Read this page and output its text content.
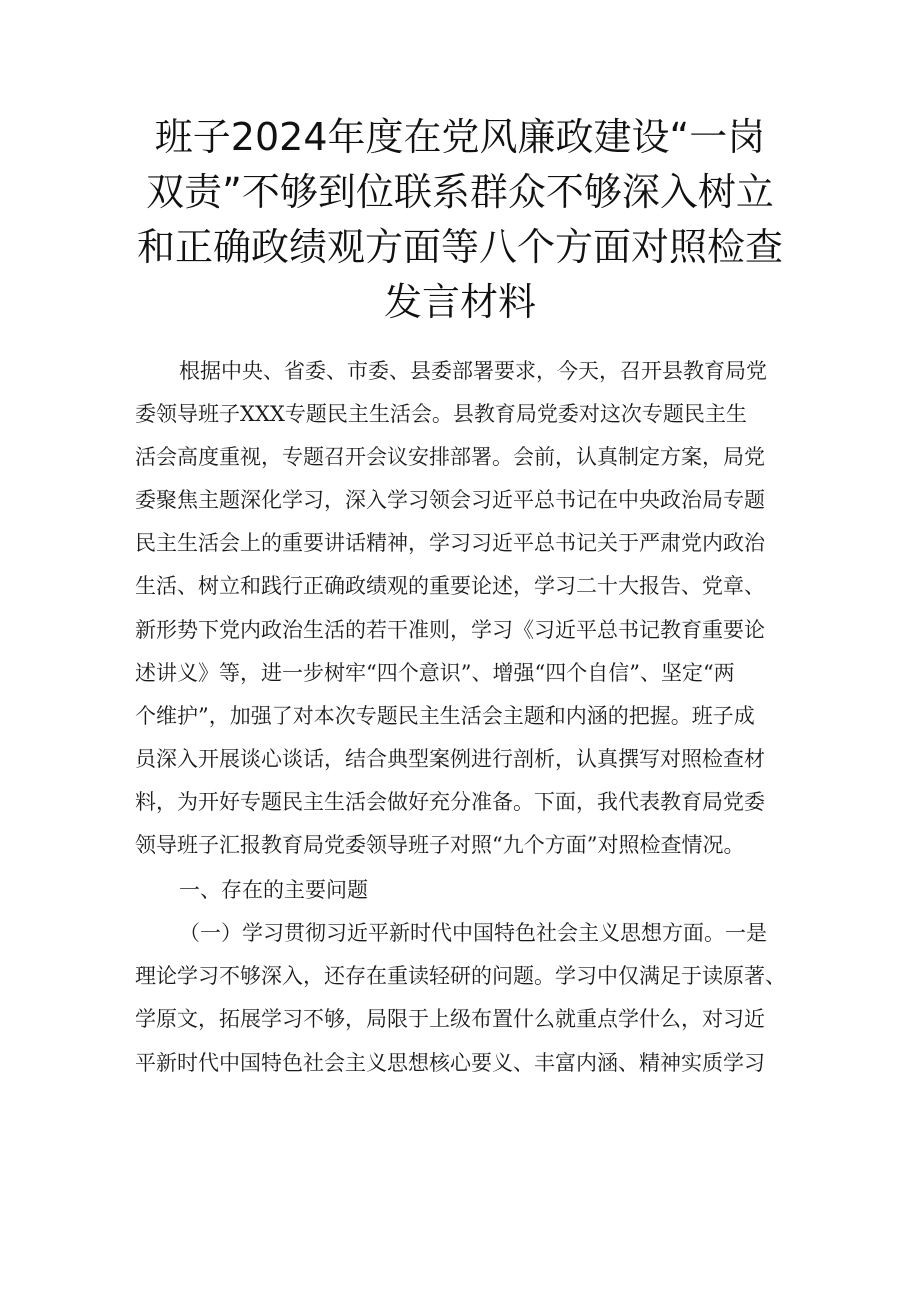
班子2024年度在党风廉政建设“一岗
双责”不够到位联系群众不够深入树立
和正确政绩观方面等八个方面对照检查
发言材料
根据中央、省委、市委、县委部署要求，今天，召开县教育局党
委领导班子XXX专题民主生活会。县教育局党委对这次专题民主生
活会高度重视，专题召开会议安排部署。会前，认真制定方案，局党
委聚焦主题深化学习，深入学习领会习近平总书记在中央政治局专题
民主生活会上的重要讲话精神，学习习近平总书记关于严肃党内政治
生活、树立和践行正确政绩观的重要论述，学习二十大报告、党章、
新形势下党内政治生活的若干准则，学习《习近平总书记教育重要论
述讲义》等，进一步树牢“四个意识”、增强“四个自信”、坚定“两
个维护”，加强了对本次专题民主生活会主题和内涵的把握。班子成
员深入开展谈心谈话，结合典型案例进行剖析，认真撰写对照检查材
料，为开好专题民主生活会做好充分准备。下面，我代表教育局党委
领导班子汇报教育局党委领导班子对照“九个方面”对照检查情况。
一、存在的主要问题
（一）学习贯彻习近平新时代中国特色社会主义思想方面。一是
理论学习不够深入，还存在重读轻研的问题。学习中仅满足于读原著、
学原文，拓展学习不够，局限于上级布置什么就重点学什么，对习近
平新时代中国特色社会主义思想核心要义、丰富内涵、精神实质学习
